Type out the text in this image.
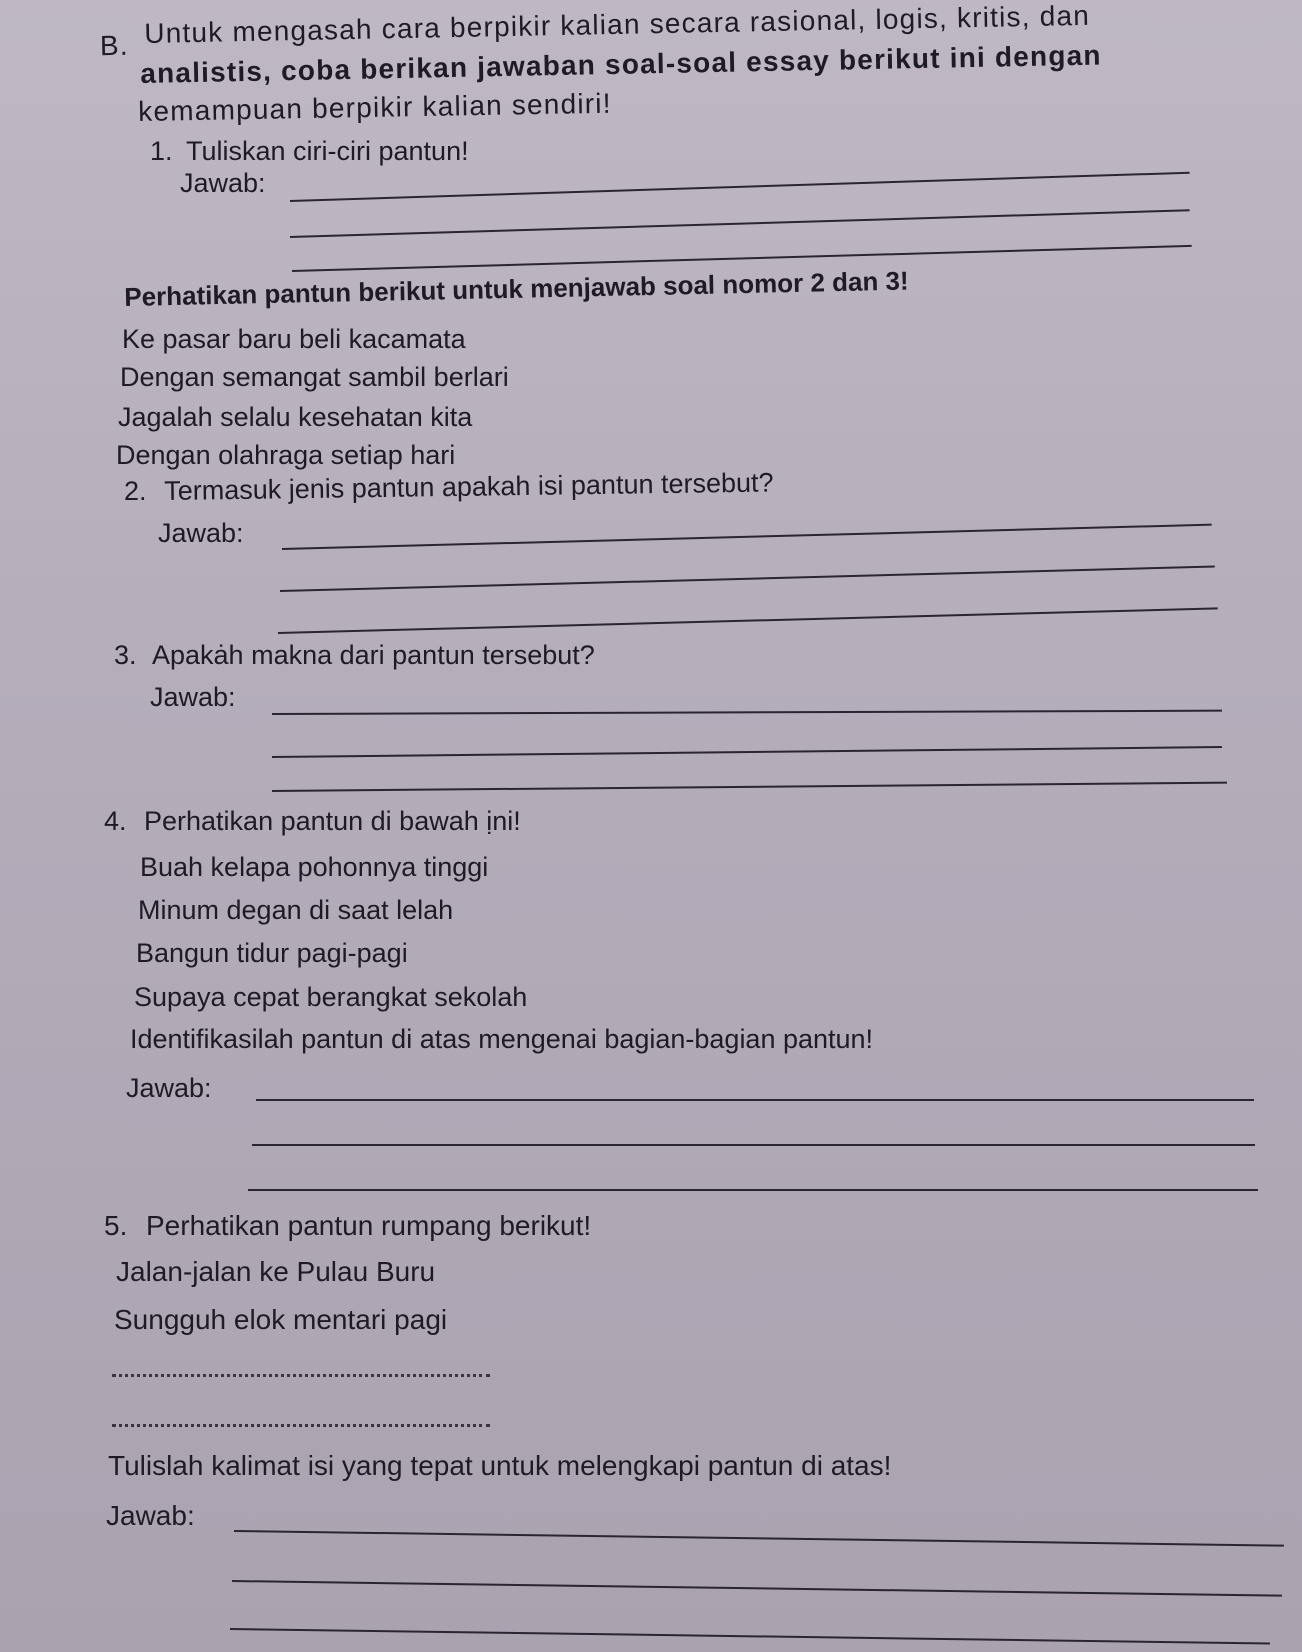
B. Untuk mengasah cara berpikir kalian secara rasional, logis, kritis, dan
analistis, coba berikan jawaban soal-soal essay berikut ini dengan
kemampuan berpikir kalian sendiri!
1. Tuliskan ciri-ciri pantun!
Jawab:
Perhatikan pantun berikut untuk menjawab soal nomor 2 dan 3!
Ke pasar baru beli kacamata
Dengan semangat sambil berlari
Jagalah selalu kesehatan kita
Dengan olahraga setiap hari
2. Termasuk jenis pantun apakah isi pantun tersebut?
Jawab:
3. Apakȧh makna dari pantun tersebut?
Jawab:
4. Perhatikan pantun di bawah ịni!
Buah kelapa pohonnya tinggi
Minum degan di saat lelah
Bangun tidur pagi-pagi
Supaya cepat berangkat sekolah
Identifikasilah pantun di atas mengenai bagian-bagian pantun!
Jawab:
5. Perhatikan pantun rumpang berikut!
Jalan-jalan ke Pulau Buru
Sungguh elok mentari pagi
Tulislah kalimat isi yang tepat untuk melengkapi pantun di atas!
Jawab:
